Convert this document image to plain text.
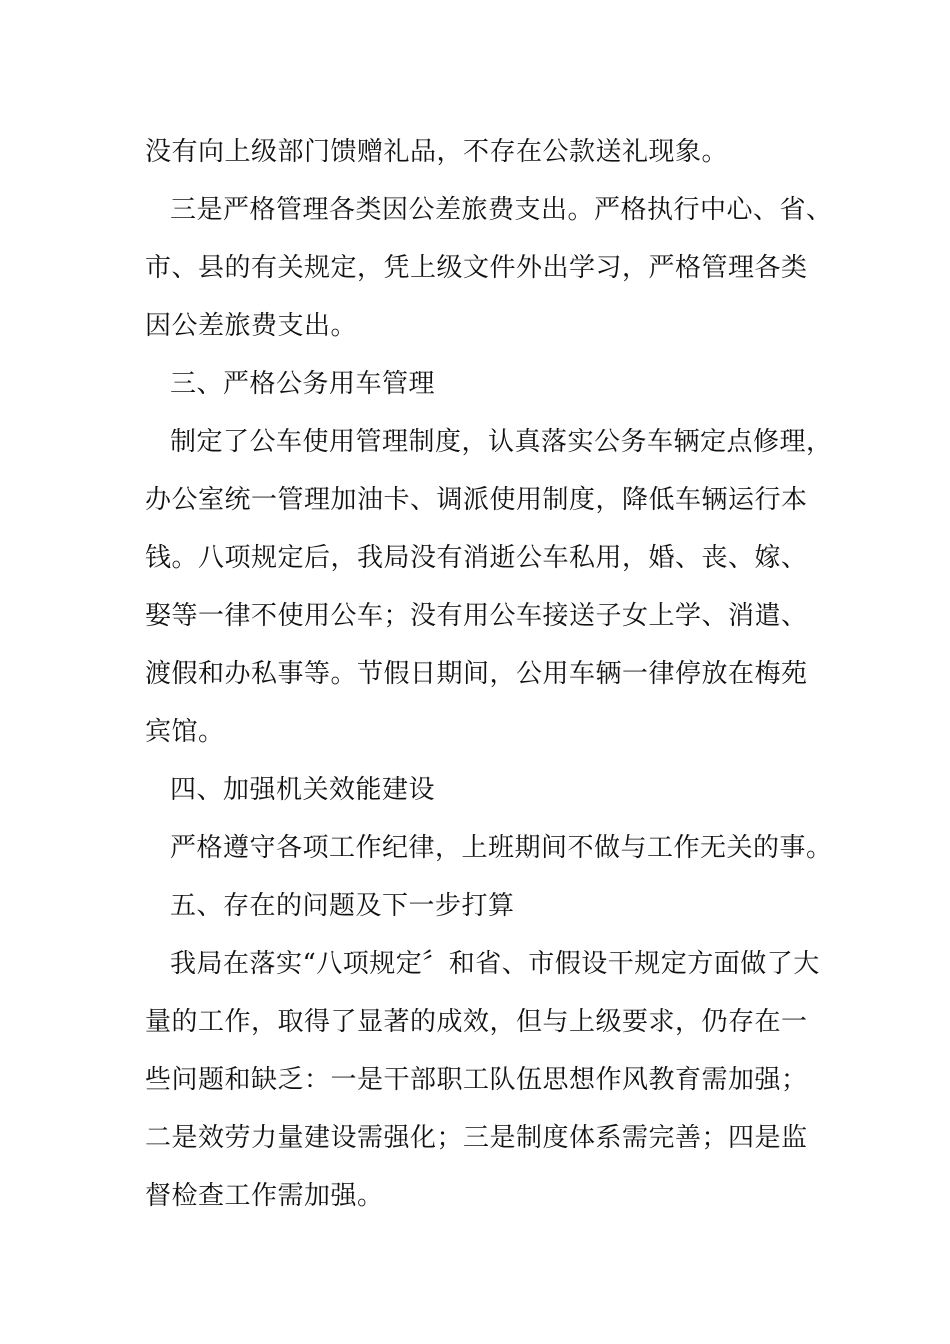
没有向上级部门馈赠礼品，不存在公款送礼现象。
三是严格管理各类因公差旅费支出。严格执行中心、省、
市、县的有关规定，凭上级文件外出学习，严格管理各类
因公差旅费支出。
三、严格公务用车管理
制定了公车使用管理制度，认真落实公务车辆定点修理，
办公室统一管理加油卡、调派使用制度，降低车辆运行本
钱。八项规定后，我局没有消逝公车私用，婚、丧、嫁、
娶等一律不使用公车；没有用公车接送子女上学、消遣、
渡假和办私事等。节假日期间，公用车辆一律停放在梅苑
宾馆。
四、加强机关效能建设
严格遵守各项工作纪律，上班期间不做与工作无关的事。
五、存在的问题及下一步打算
我局在落实“八项规定〞和省、市假设干规定方面做了大
量的工作，取得了显著的成效，但与上级要求，仍存在一
些问题和缺乏：一是干部职工队伍思想作风教育需加强；
二是效劳力量建设需强化；三是制度体系需完善；四是监
督检查工作需加强。
